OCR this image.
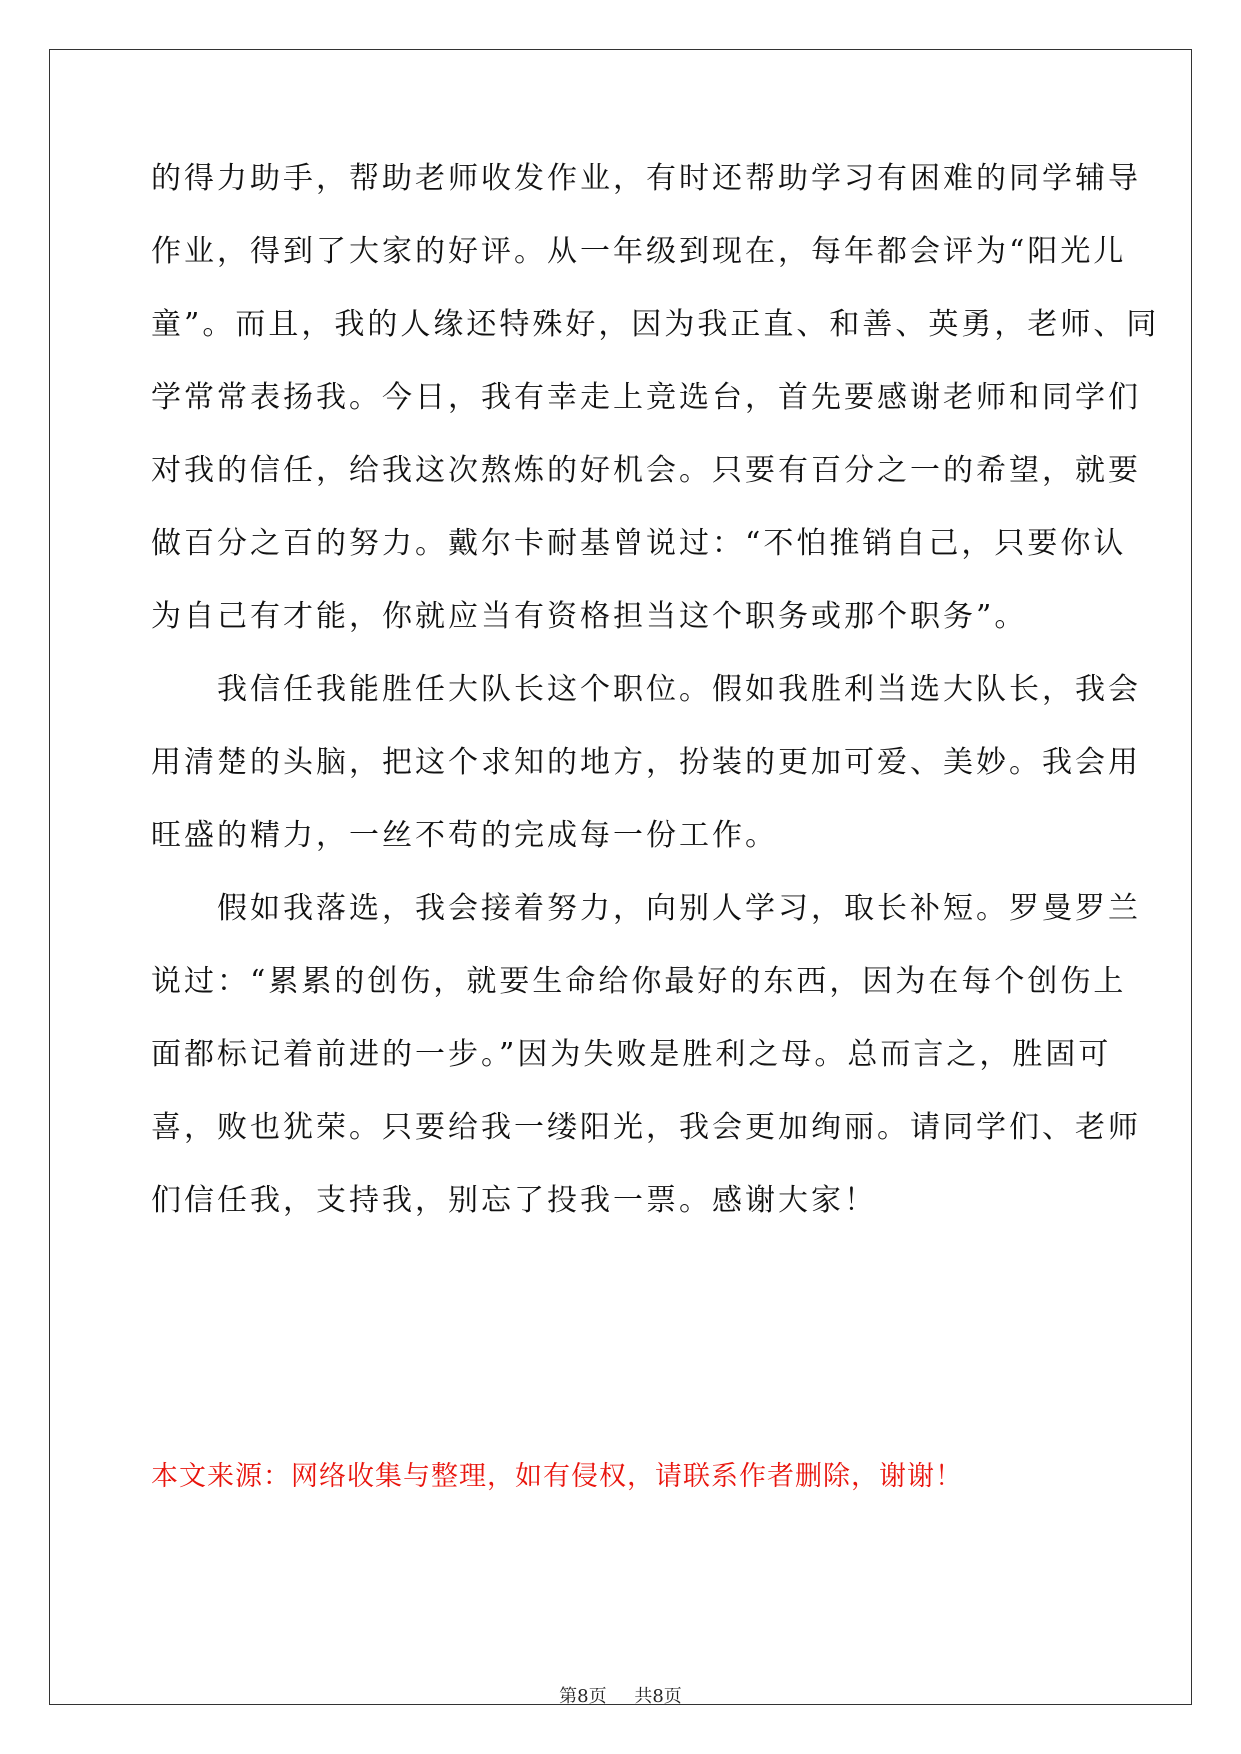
的得力助手，帮助老师收发作业，有时还帮助学习有困难的同学辅导
作业，得到了大家的好评。从一年级到现在，每年都会评为“阳光儿
童”。而且，我的人缘还特殊好，因为我正直、和善、英勇，老师、同
学常常表扬我。今日，我有幸走上竞选台，首先要感谢老师和同学们
对我的信任，给我这次熬炼的好机会。只要有百分之一的希望，就要
做百分之百的努力。戴尔卡耐基曾说过：“不怕推销自己，只要你认
为自己有才能，你就应当有资格担当这个职务或那个职务”。
　　我信任我能胜任大队长这个职位。假如我胜利当选大队长，我会
用清楚的头脑，把这个求知的地方，扮装的更加可爱、美妙。我会用
旺盛的精力，一丝不苟的完成每一份工作。
　　假如我落选，我会接着努力，向别人学习，取长补短。罗曼罗兰
说过：“累累的创伤，就要生命给你最好的东西，因为在每个创伤上
面都标记着前进的一步。”因为失败是胜利之母。总而言之，胜固可
喜，败也犹荣。只要给我一缕阳光，我会更加绚丽。请同学们、老师
们信任我，支持我，别忘了投我一票。感谢大家！
本文来源：网络收集与整理，如有侵权，请联系作者删除，谢谢！
第8页 共8页
